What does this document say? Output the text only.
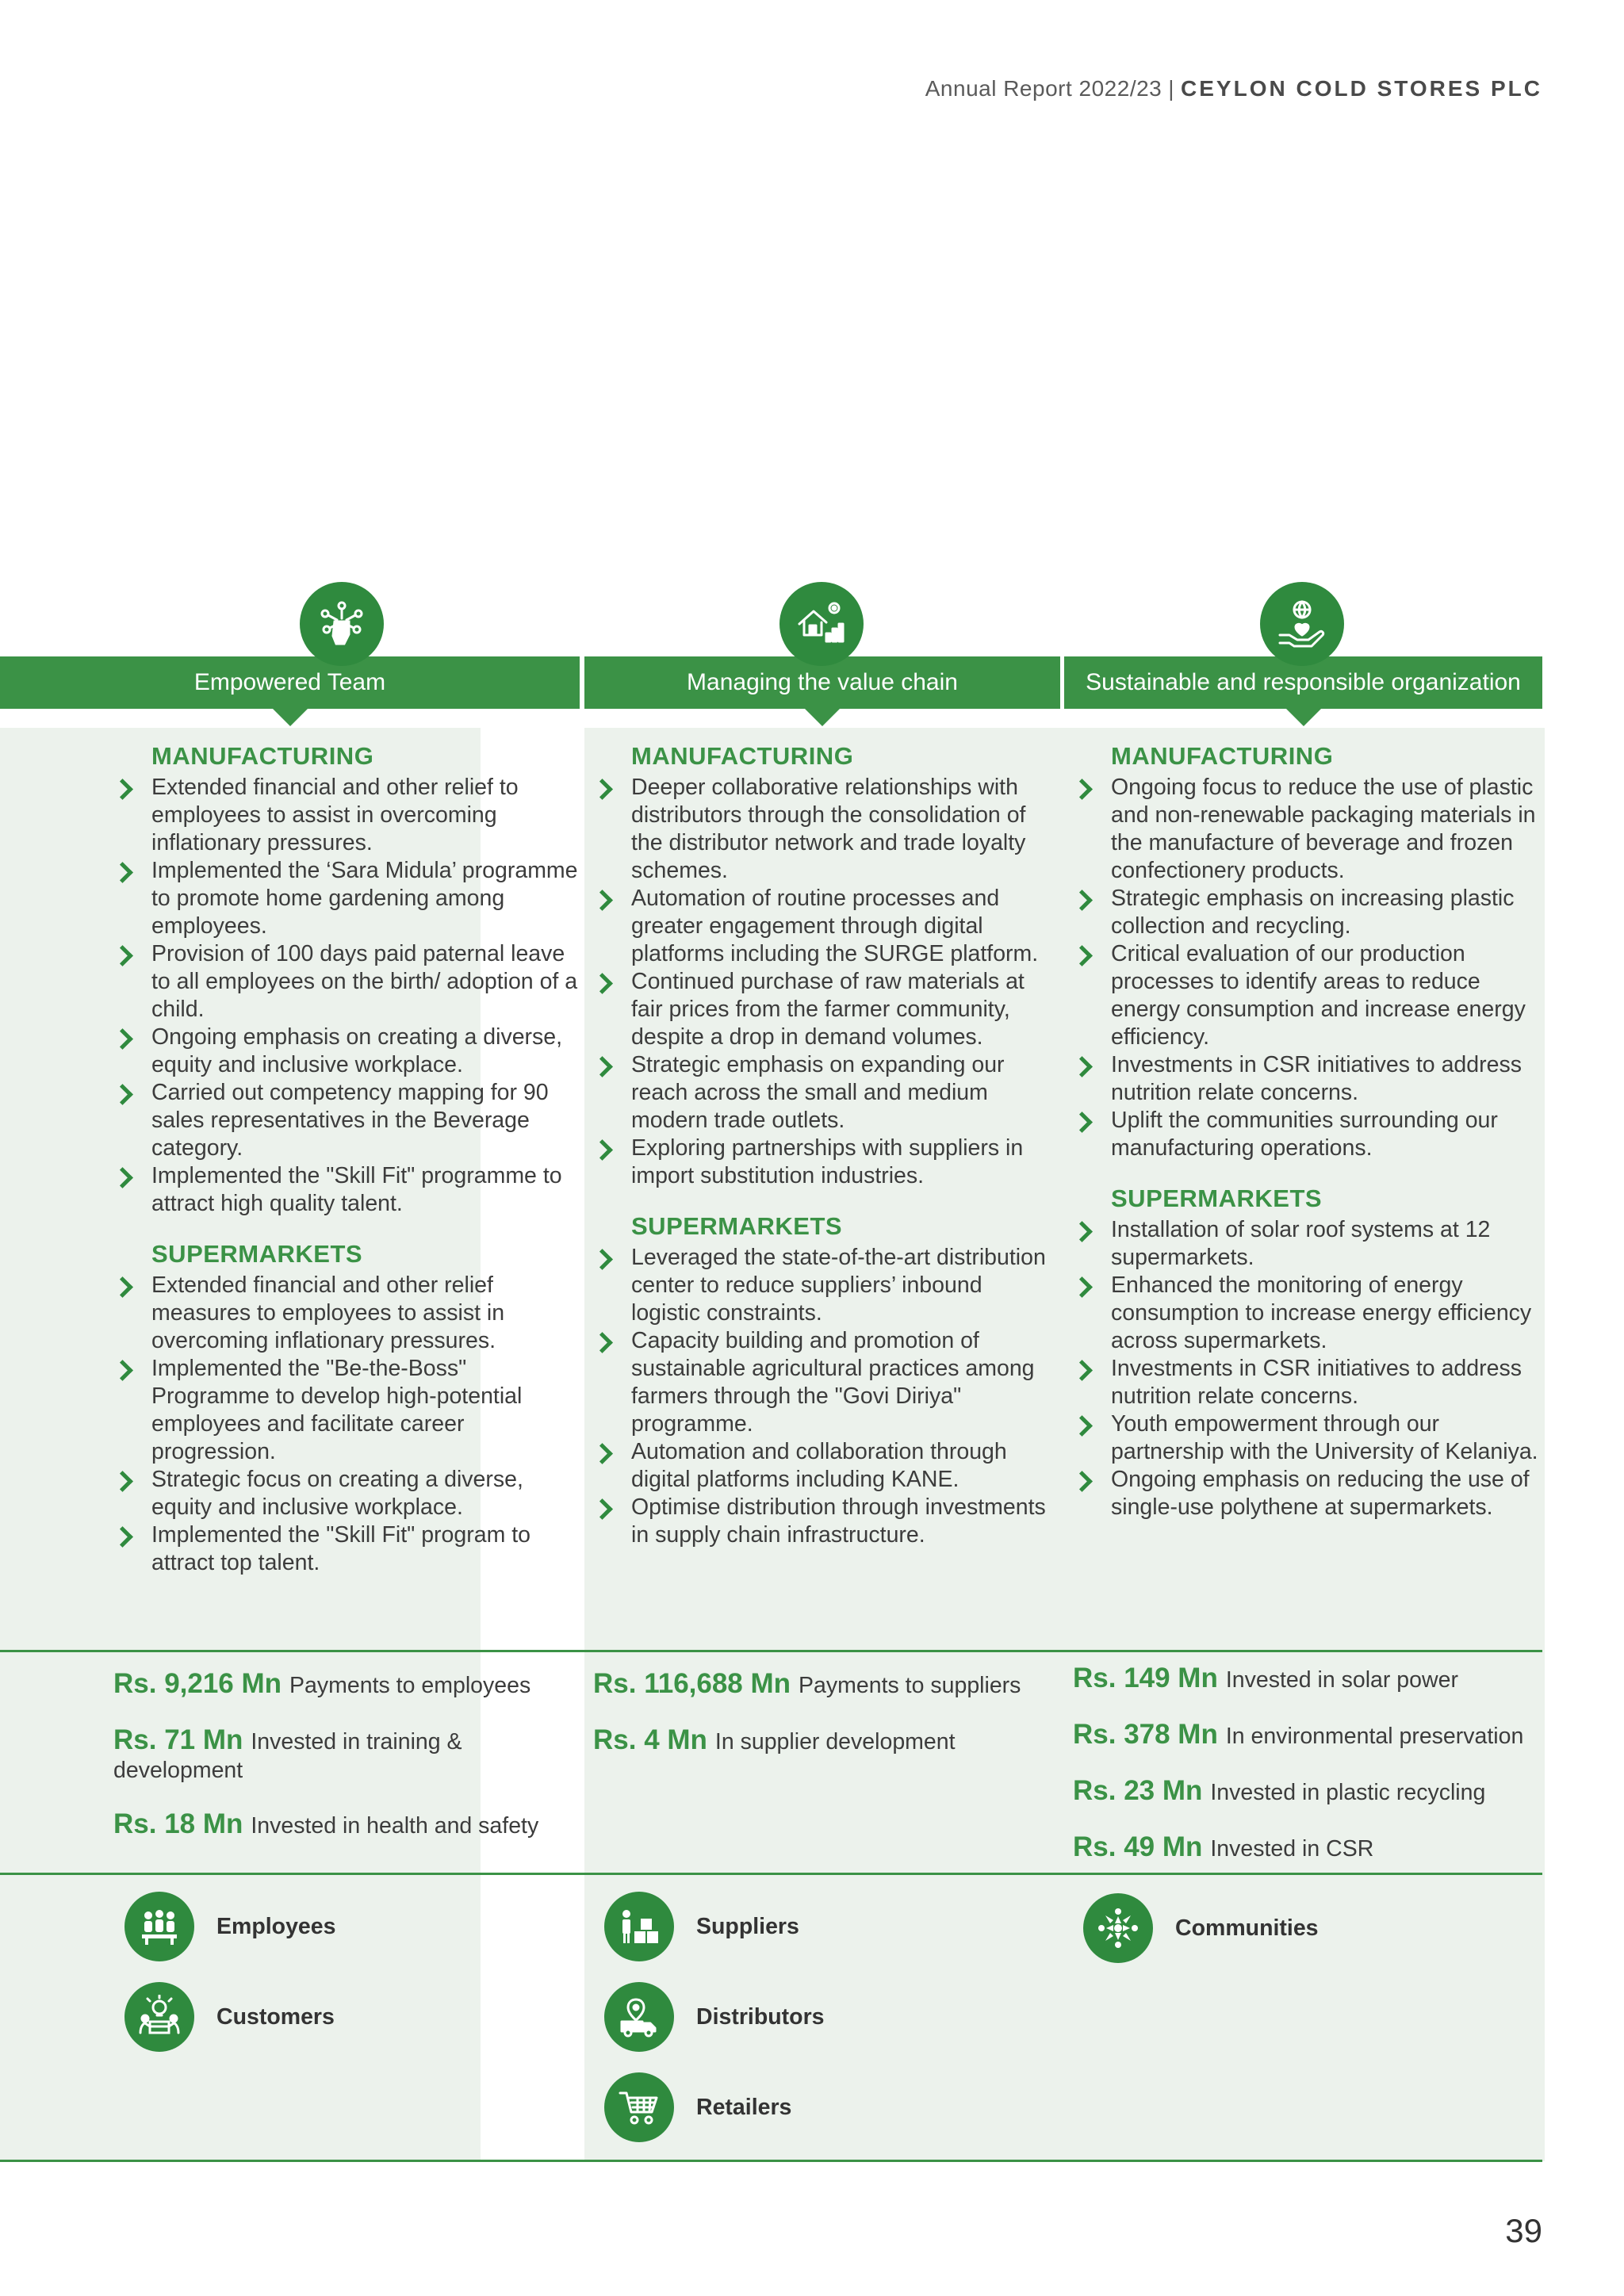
Annual Report 2022/23 | CEYLON COLD STORES PLC
Empowered Team	Managing the value chain	Sustainable and responsible organization
MANUFACTURING
Extended financial and other relief to employees to assist in overcoming inflationary pressures.
Implemented the ‘Sara Midula’ programme to promote home gardening among employees.
Provision of 100 days paid paternal leave to all employees on the birth/ adoption of a child.
Ongoing emphasis on creating a diverse, equity and inclusive workplace.
Carried out competency mapping for 90 sales representatives in the Beverage category.
Implemented the "Skill Fit" programme to attract high quality talent.
SUPERMARKETS
Extended financial and other relief measures to employees to assist in overcoming inflationary pressures.
Implemented the "Be-the-Boss" Programme to develop high-potential employees and facilitate career progression.
Strategic focus on creating a diverse, equity and inclusive workplace.
Implemented the "Skill Fit" program to attract top talent.
MANUFACTURING
Deeper collaborative relationships with distributors through the consolidation of the distributor network and trade loyalty schemes.
Automation of routine processes and greater engagement through digital platforms including the SURGE platform.
Continued purchase of raw materials at fair prices from the farmer community, despite a drop in demand volumes.
Strategic emphasis on expanding our reach across the small and medium modern trade outlets.
Exploring partnerships with suppliers in import substitution industries.
SUPERMARKETS
Leveraged the state-of-the-art distribution center to reduce suppliers’ inbound logistic constraints.
Capacity building and promotion of sustainable agricultural practices among farmers through the "Govi Diriya" programme.
Automation and collaboration through digital platforms including KANE.
Optimise distribution through investments in supply chain infrastructure.
MANUFACTURING
Ongoing focus to reduce the use of plastic and non-renewable packaging materials in the manufacture of beverage and frozen confectionery products.
Strategic emphasis on increasing plastic collection and recycling.
Critical evaluation of our production processes to identify areas to reduce energy consumption and increase energy efficiency.
Investments in CSR initiatives to address nutrition relate concerns.
Uplift the communities surrounding our manufacturing operations.
SUPERMARKETS
Installation of solar roof systems at 12 supermarkets.
Enhanced the monitoring of energy consumption to increase energy efficiency across supermarkets.
Investments in CSR initiatives to address nutrition relate concerns.
Youth empowerment through our partnership with the University of Kelaniya.
Ongoing emphasis on reducing the use of single-use polythene at supermarkets.
Rs. 9,216 Mn Payments to employees
Rs. 71 Mn Invested in training & development
Rs. 18 Mn Invested in health and safety
Rs. 116,688 Mn Payments to suppliers
Rs. 4 Mn In supplier development
Rs. 149 Mn Invested in solar power
Rs. 378 Mn In environmental preservation
Rs. 23 Mn Invested in plastic recycling
Rs. 49 Mn Invested in CSR
Employees
Customers
Suppliers
Distributors
Retailers
Communities
39
